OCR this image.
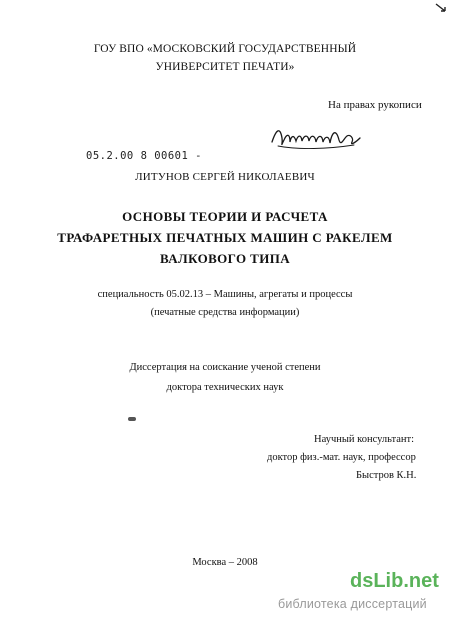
ГОУ ВПО «МОСКОВСКИЙ ГОСУДАРСТВЕННЫЙ
УНИВЕРСИТЕТ ПЕЧАТИ»
На правах рукописи
05.2.00 8 00601 -
ЛИТУНОВ СЕРГЕЙ НИКОЛАЕВИЧ
ОСНОВЫ ТЕОРИИ И РАСЧЕТА
ТРАФАРЕТНЫХ ПЕЧАТНЫХ МАШИН С РАКЕЛЕМ
ВАЛКОВОГО ТИПА
специальность 05.02.13 – Машины, агрегаты и процессы
(печатные средства информации)
Диссертация на соискание ученой степени
доктора технических наук
Научный консультант:
доктор физ.-мат. наук, профессор
Быстров К.Н.
Москва – 2008
dsLib.net
библиотека диссертаций
